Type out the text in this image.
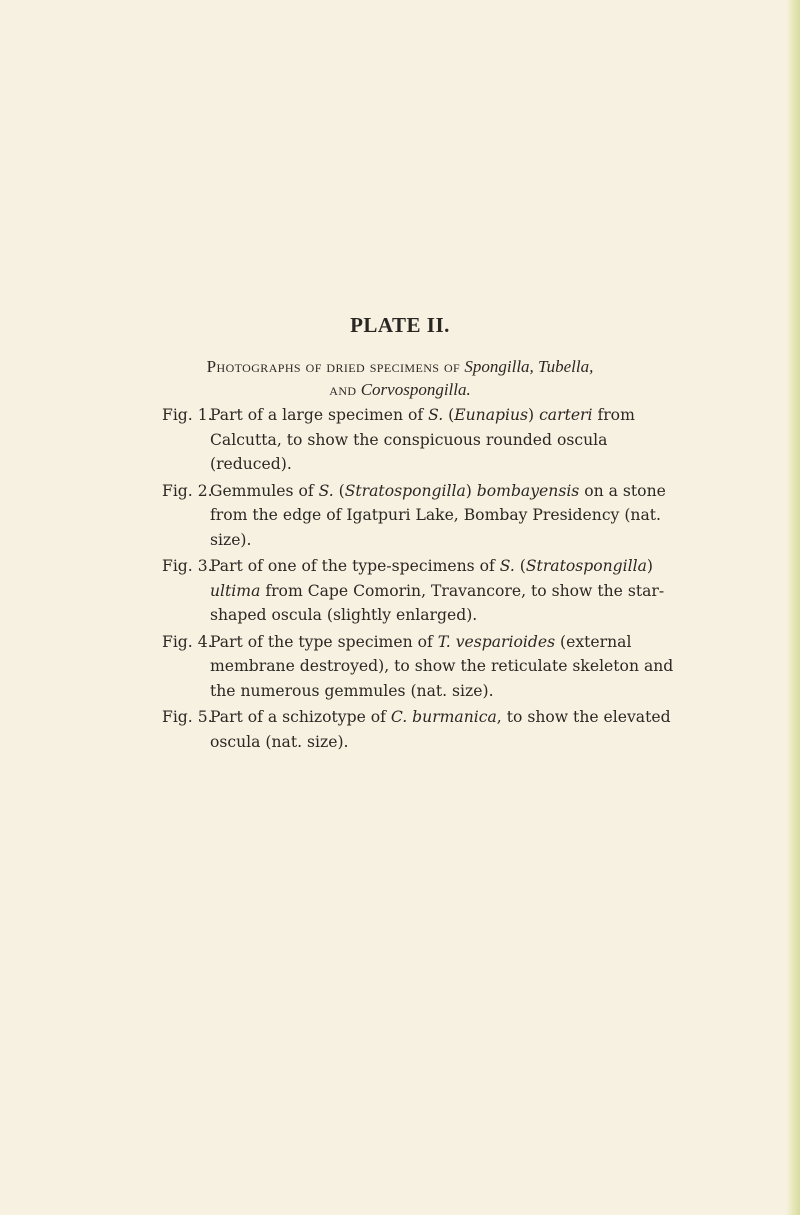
PLATE II.
Photographs of dried specimens of Spongilla, Tubella,
and Corvospongilla.
Fig. 1.
Part of a large specimen of S. (Eunapius) carteri from Calcutta, to show the conspicuous rounded oscula (reduced).
Fig. 2.
Gemmules of S. (Stratospongilla) bombayensis on a stone from the edge of Igatpuri Lake, Bombay Presidency (nat. size).
Fig. 3.
Part of one of the type-specimens of S. (Stratospongilla) ultima from Cape Comorin, Travancore, to show the star-shaped oscula (slightly enlarged).
Fig. 4.
Part of the type specimen of T. vesparioides (external membrane destroyed), to show the reticulate skeleton and the numerous gemmules (nat. size).
Fig. 5.
Part of a schizotype of C. burmanica, to show the elevated oscula (nat. size).
